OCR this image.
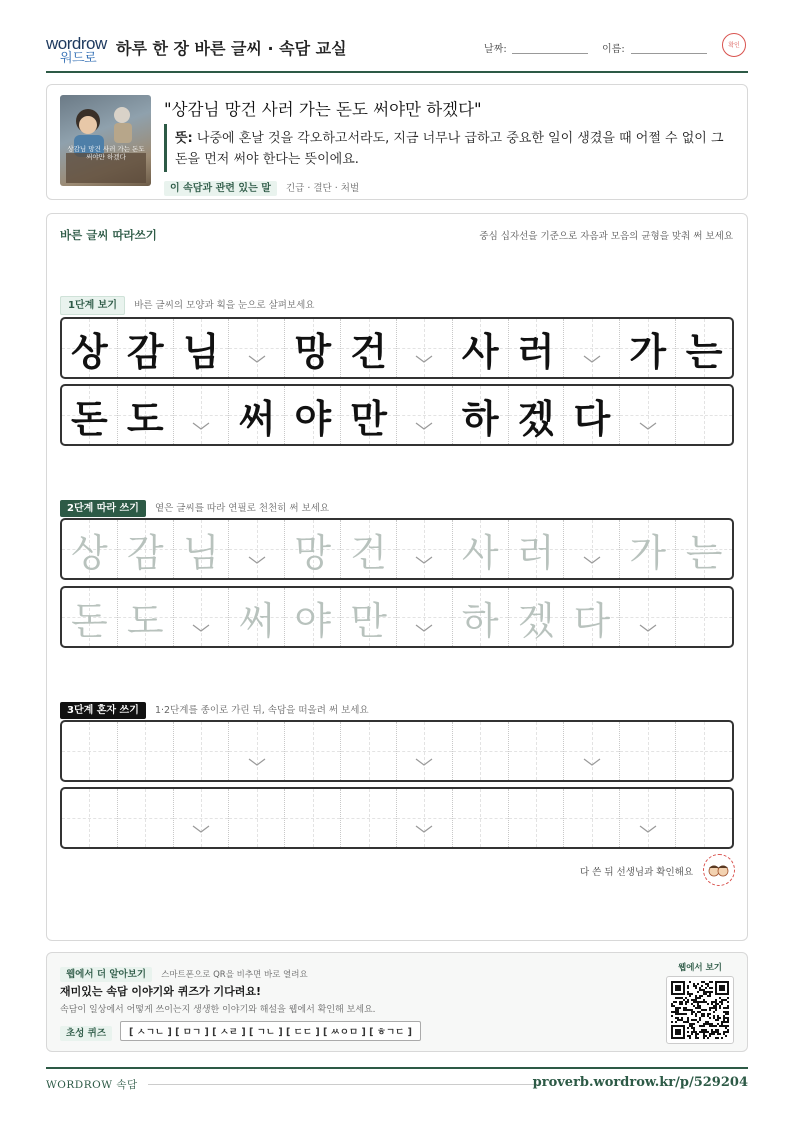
wordrow
워드로 하루 한 장 바른 글씨 · 속담 교실	날짜:	이름:	확인
상감님 망건 사러 가는 돈도 써야만 하겠다
"상감님 망건 사러 가는 돈도 써야만 하겠다"
뜻: 나중에 혼날 것을 각오하고서라도, 지금 너무나 급하고 중요한 일이 생겼을 때 어쩔 수 없이 그 돈을 먼저 써야 한다는 뜻이에요.
이 속담과 관련 있는 말 긴급 · 결단 · 처벌
바른 글씨 따라쓰기	중심 십자선을 기준으로 자음과 모음의 균형을 맞춰 써 보세요
1단계 보기 바른 글씨의 모양과 획을 눈으로 살펴보세요
상 감 님 망 건 사 러 가 는
돈 도 써 야 만 하 겠 다
2단계 따라 쓰기 옅은 글씨를 따라 연필로 천천히 써 보세요
상 감 님 망 건 사 러 가 는
돈 도 써 야 만 하 겠 다
3단계 혼자 쓰기 1·2단계를 종이로 가린 뒤, 속담을 떠올려 써 보세요
다 쓴 뒤 선생님과 확인해요
웹에서 더 알아보기 스마트폰으로 QR을 비추면 바로 열려요
재미있는 속담 이야기와 퀴즈가 기다려요!
속담이 일상에서 어떻게 쓰이는지 생생한 이야기와 해설을 웹에서 확인해 보세요.
초성 퀴즈	[ ㅅㄱㄴ ] [ ㅁㄱ ] [ ㅅㄹ ] [ ㄱㄴ ] [ ㄷㄷ ] [ ㅆㅇㅁ ] [ ㅎㄱㄷ ]
웹에서 보기
WORDROW 속담	proverb.wordrow.kr/p/529204
